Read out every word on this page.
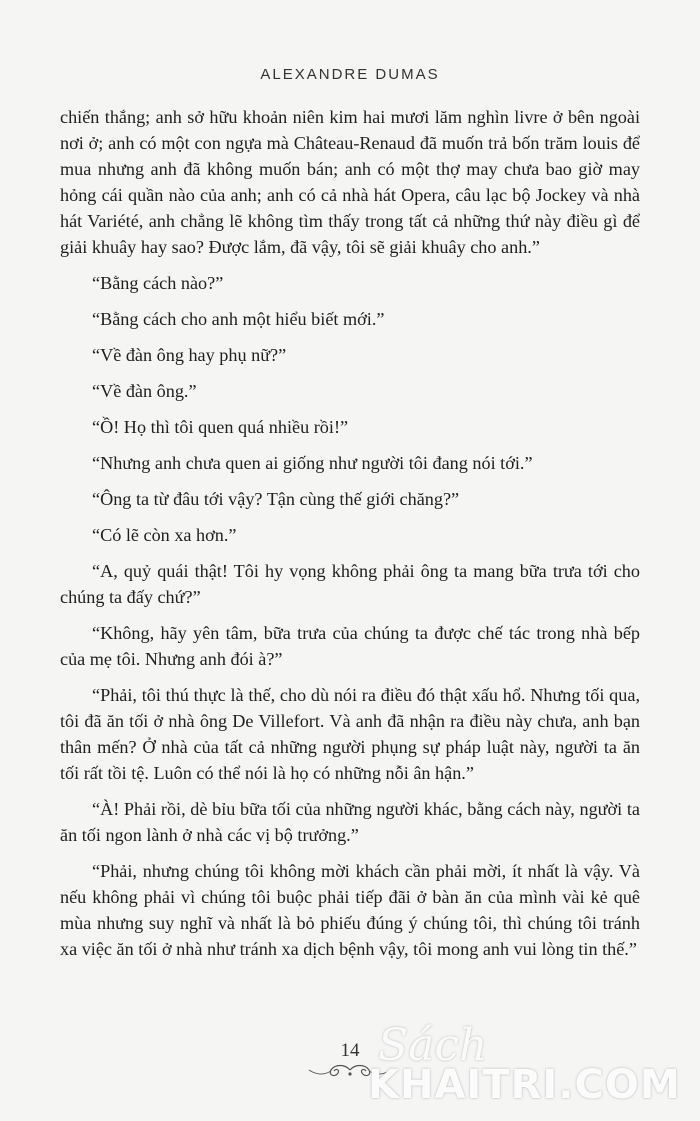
ALEXANDRE DUMAS

chiến thắng; anh sở hữu khoản niên kim hai mươi lăm nghìn livre ở bên ngoài nơi ở; anh có một con ngựa mà Château-Renaud đã muốn trả bốn trăm louis để mua nhưng anh đã không muốn bán; anh có một thợ may chưa bao giờ may hỏng cái quần nào của anh; anh có cả nhà hát Opera, câu lạc bộ Jockey và nhà hát Variété, anh chẳng lẽ không tìm thấy trong tất cả những thứ này điều gì để giải khuây hay sao? Được lắm, đã vậy, tôi sẽ giải khuây cho anh.”

“Bằng cách nào?”

“Bằng cách cho anh một hiểu biết mới.”

“Về đàn ông hay phụ nữ?”

“Về đàn ông.”

“Ồ! Họ thì tôi quen quá nhiều rồi!”

“Nhưng anh chưa quen ai giống như người tôi đang nói tới.”

“Ông ta từ đâu tới vậy? Tận cùng thế giới chăng?”

“Có lẽ còn xa hơn.”

“A, quỷ quái thật! Tôi hy vọng không phải ông ta mang bữa trưa tới cho chúng ta đấy chứ?”

“Không, hãy yên tâm, bữa trưa của chúng ta được chế tác trong nhà bếp của mẹ tôi. Nhưng anh đói à?”

“Phải, tôi thú thực là thế, cho dù nói ra điều đó thật xấu hổ. Nhưng tối qua, tôi đã ăn tối ở nhà ông De Villefort. Và anh đã nhận ra điều này chưa, anh bạn thân mến? Ở nhà của tất cả những người phụng sự pháp luật này, người ta ăn tối rất tồi tệ. Luôn có thể nói là họ có những nỗi ân hận.”

“À! Phải rồi, dè bỉu bữa tối của những người khác, bằng cách này, người ta ăn tối ngon lành ở nhà các vị bộ trưởng.”

“Phải, nhưng chúng tôi không mời khách cần phải mời, ít nhất là vậy. Và nếu không phải vì chúng tôi buộc phải tiếp đãi ở bàn ăn của mình vài kẻ quê mùa nhưng suy nghĩ và nhất là bỏ phiếu đúng ý chúng tôi, thì chúng tôi tránh xa việc ăn tối ở nhà như tránh xa dịch bệnh vậy, tôi mong anh vui lòng tin thế.”

14 Sách
KHAITRI.COM
